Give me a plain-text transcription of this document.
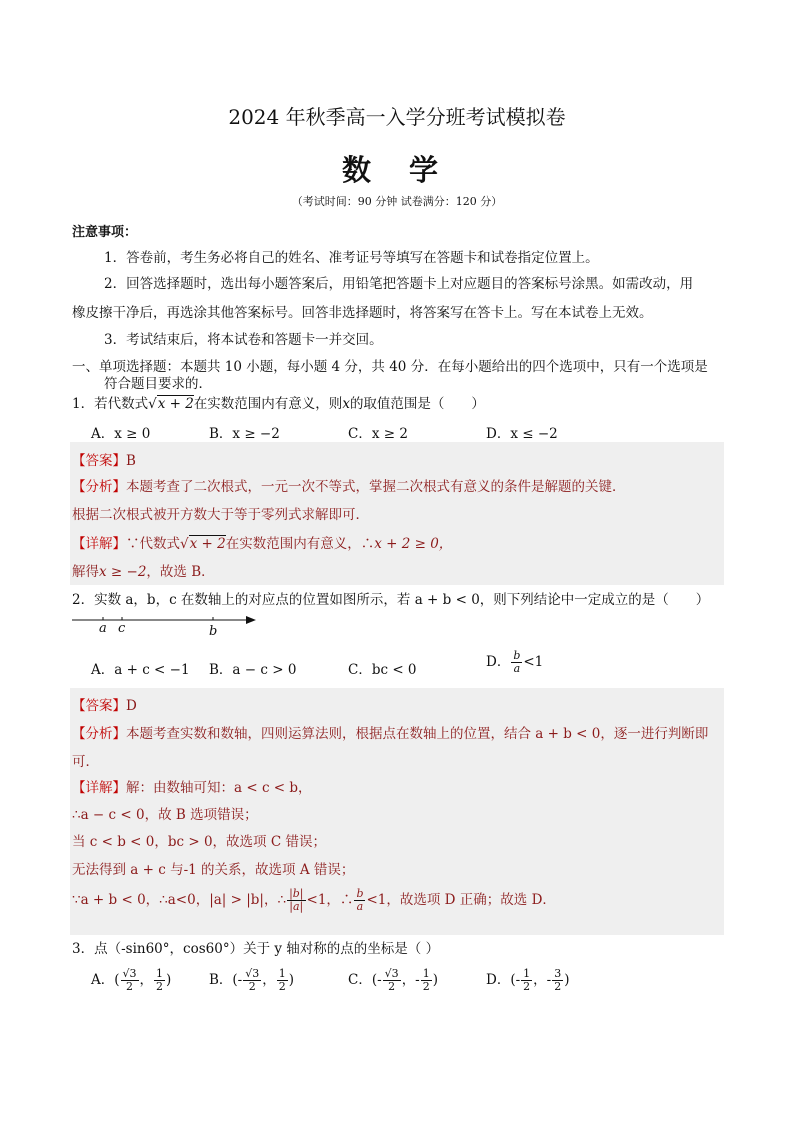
2024 年秋季高一入学分班考试模拟卷
数 学
（考试时间：90 分钟 试卷满分：120 分）
注意事项：
1．答卷前，考生务必将自己的姓名、准考证号等填写在答题卡和试卷指定位置上。
2．回答选择题时，选出每小题答案后，用铅笔把答题卡上对应题目的答案标号涂黑。如需改动，用
橡皮擦干净后，再选涂其他答案标号。回答非选择题时，将答案写在答卡上。写在本试卷上无效。
3．考试结束后，将本试卷和答题卡一并交回。
一、单项选择题：本题共 10 小题，每小题 4 分，共 40 分．在每小题给出的四个选项中，只有一个选项是
符合题目要求的．
1．若代数式√x + 2在实数范围内有意义，则x的取值范围是（　　）
A．x ≥ 0	B．x ≥ −2	C．x ≥ 2	D．x ≤ −2
【答案】B
【分析】本题考查了二次根式，一元一次不等式，掌握二次根式有意义的条件是解题的关键．
根据二次根式被开方数大于等于零列式求解即可．
【详解】∵代数式√x + 2在实数范围内有意义，∴x + 2 ≥ 0，
解得x ≥ −2，故选 B．
2．实数 a，b，c 在数轴上的对应点的位置如图所示，若 a + b < 0，则下列结论中一定成立的是（　　）
a c	b
A．a + c < −1 B．a − c > 0	C．bc < 0	D． $\frac{b}{a} <1$
【答案】D
【分析】本题考查实数和数轴，四则运算法则，根据点在数轴上的位置，结合 a + b < 0，逐一进行判断即
可．
【详解】解：由数轴可知：a < c < b，
∴a − c < 0，故 B 选项错误；
当 c < b < 0，bc > 0，故选项 C 错误；
无法得到 a + c 与-1 的关系，故选项 A 错误；
∵a + b < 0，∴a<0，|a| > |b|，∴ $\frac{|b|}{|a|} <1$，∴ $\frac{b}{a} <1$，故选项 D 正确；故选 D．
3．点（-sin60°，cos60°）关于 y 轴对称的点的坐标是（ ）
A．( $\frac{√3}{2}$ ， $\frac{1}{2}$ )	B．(- $\frac{√3}{2}$ ， $\frac{1}{2}$ )	C．(- $\frac{√3}{2}$ ，- $\frac{1}{2}$ )	D．(- $\frac{1}{2}$ ，- $\frac{3}{2}$ )
